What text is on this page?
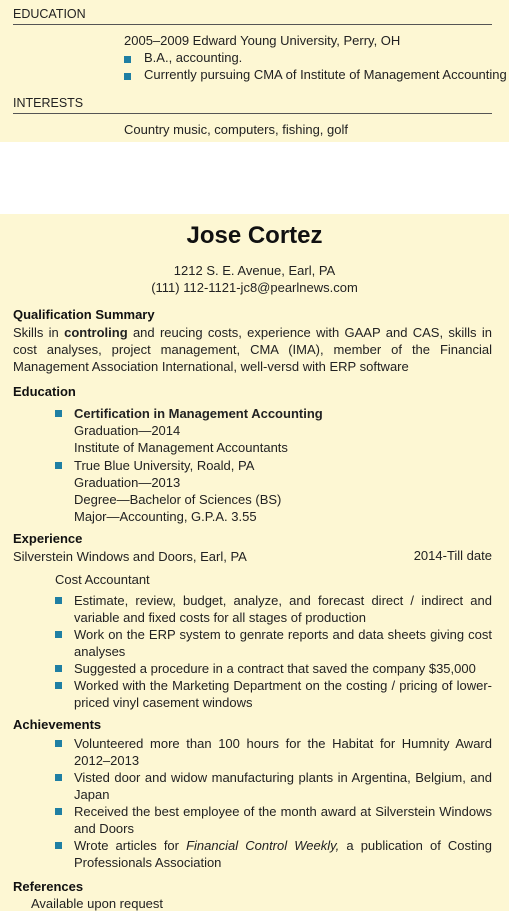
EDUCATION
2005–2009 Edward Young University, Perry, OH
B.A., accounting.
Currently pursuing CMA of Institute of Management Accounting
INTERESTS
Country music, computers, fishing, golf
Jose Cortez
1212 S. E. Avenue, Earl, PA
(111) 112-1121-jc8@pearlnews.com
Qualification Summary
Skills in controling and reucing costs, experience with GAAP and CAS, skills in cost analyses, project management, CMA (IMA), member of the Financial Management Association International, well-versd with ERP software
Education
Certification in Management Accounting
Graduation—2014
Institute of Management Accountants
True Blue University, Roald, PA
Graduation—2013
Degree—Bachelor of Sciences (BS)
Major—Accounting, G.P.A. 3.55
Experience
Silverstein Windows and Doors, Earl, PA	2014-Till date
Cost Accountant
Estimate, review, budget, analyze, and forecast direct / indirect and variable and fixed costs for all stages of production
Work on the ERP system to genrate reports and data sheets giving cost analyses
Suggested a procedure in a contract that saved the company $35,000
Worked with the Marketing Department on the costing / pricing of lower-priced vinyl casement windows
Achievements
Volunteered more than 100 hours for the Habitat for Humnity Award 2012–2013
Visted door and widow manufacturing plants in Argentina, Belgium, and Japan
Received the best employee of the month award at Silverstein Windows and Doors
Wrote articles for Financial Control Weekly, a publication of Costing Professionals Association
References
Available upon request
